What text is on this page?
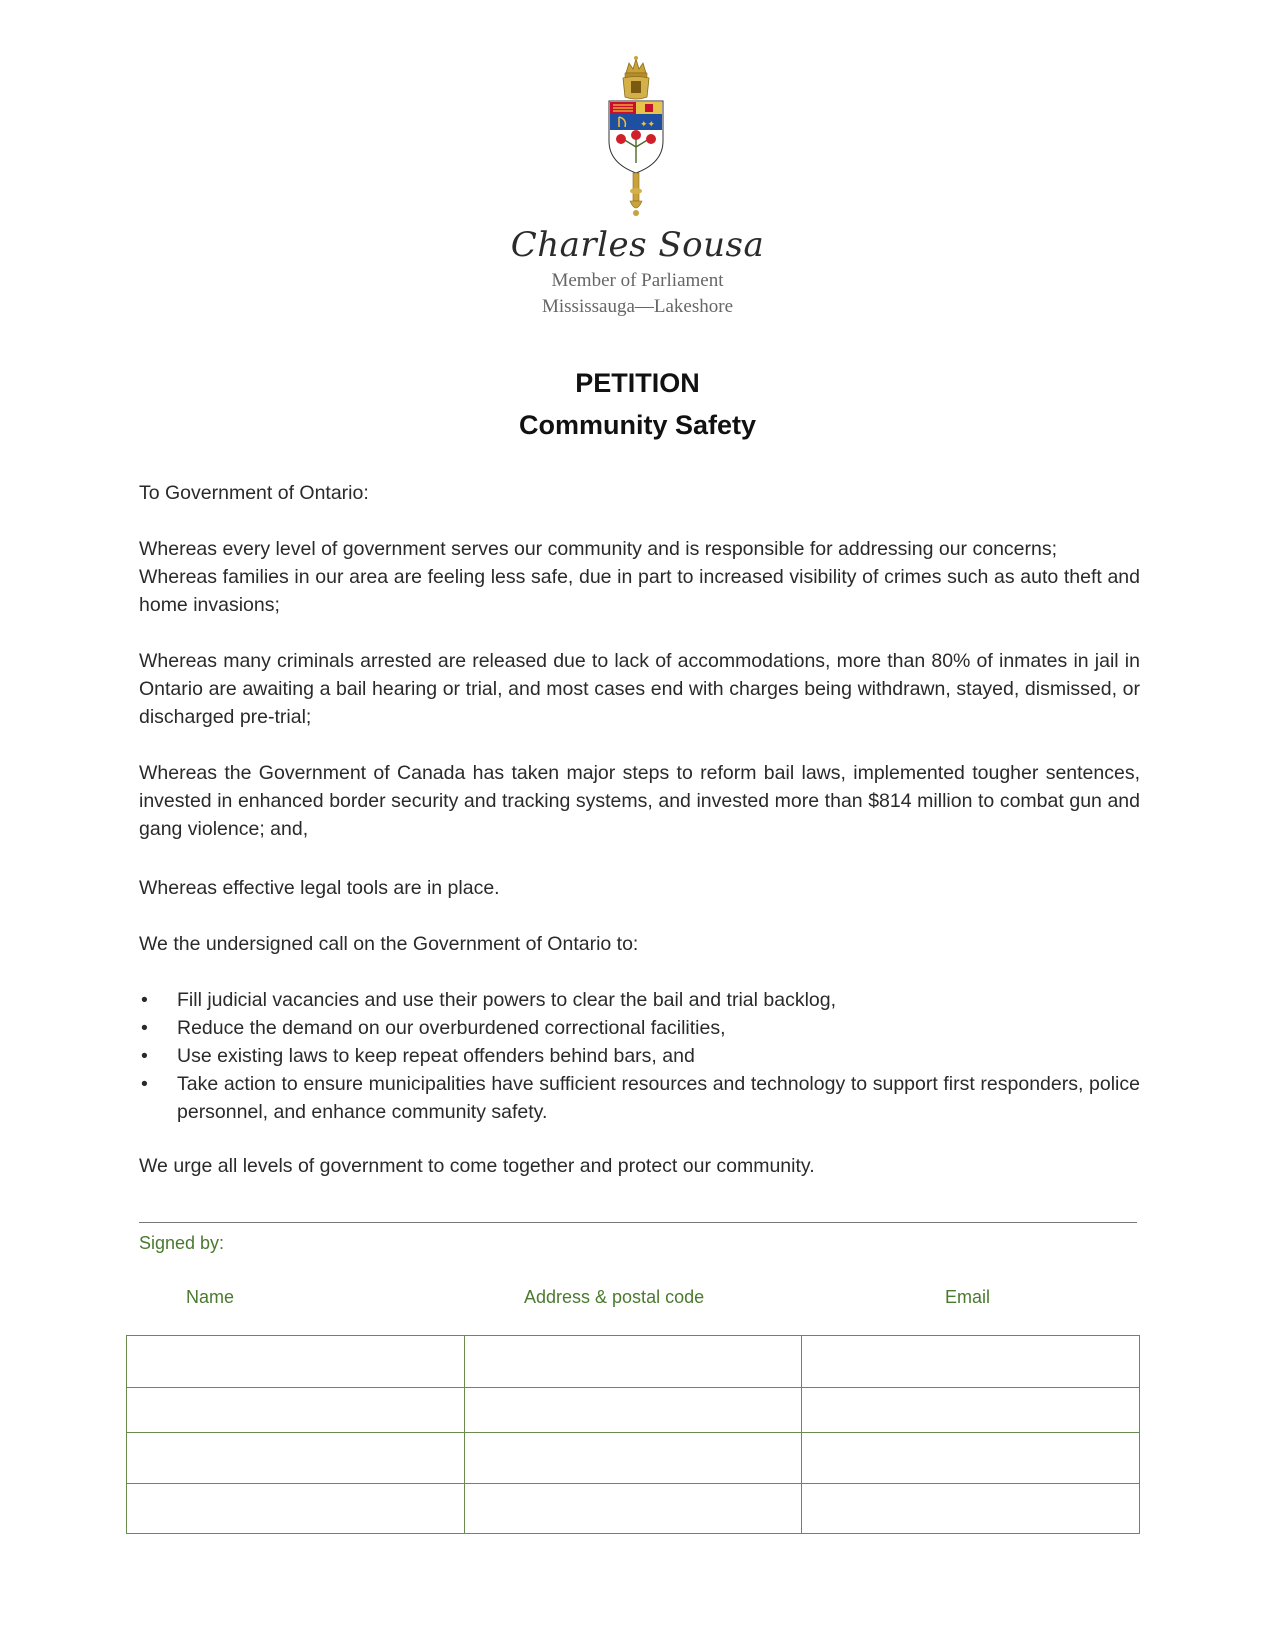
✦✦
Charles Sousa
Member of Parliament
Mississauga—Lakeshore
PETITION
Community Safety

To Government of Ontario:

Whereas every level of government serves our community and is responsible for addressing our concerns;

Whereas families in our area are feeling less safe, due in part to increased visibility of crimes such as auto theft and home invasions;

Whereas many criminals arrested are released due to lack of accommodations, more than 80% of inmates in jail in Ontario are awaiting a bail hearing or trial, and most cases end with charges being withdrawn, stayed, dismissed, or discharged pre-trial;

Whereas the Government of Canada has taken major steps to reform bail laws, implemented tougher sentences, invested in enhanced border security and tracking systems, and invested more than $814 million to combat gun and gang violence; and,

Whereas effective legal tools are in place.

We the undersigned call on the Government of Ontario to:

• Fill judicial vacancies and use their powers to clear the bail and trial backlog,
• Reduce the demand on our overburdened correctional facilities,
• Use existing laws to keep repeat offenders behind bars, and
• Take action to ensure municipalities have sufficient resources and technology to support first responders, police personnel, and enhance community safety.

We urge all levels of government to come together and protect our community.

Signed by:
Name	Address & postal code	Email
